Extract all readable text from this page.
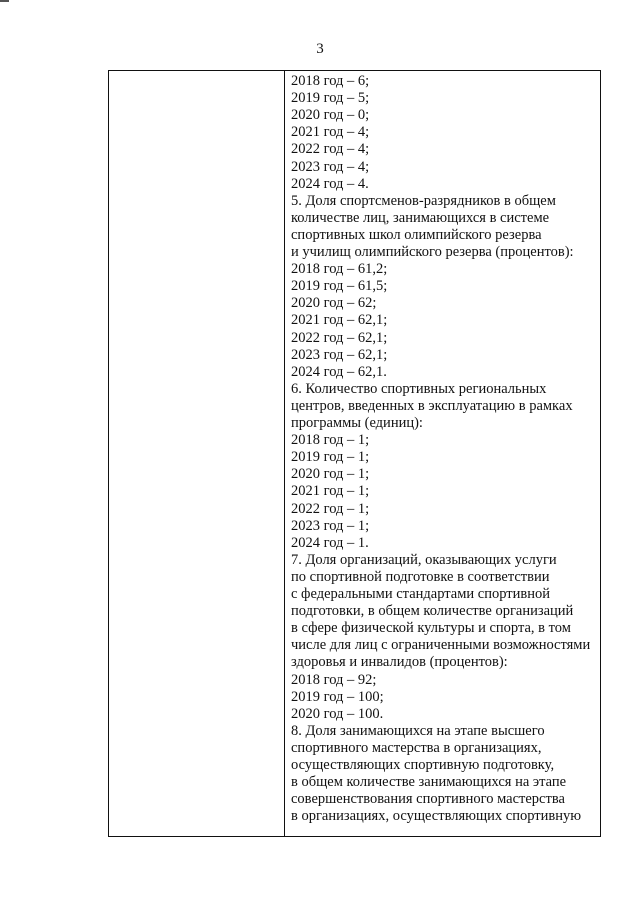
3
2018 год – 6;
2019 год – 5;
2020 год – 0;
2021 год – 4;
2022 год – 4;
2023 год – 4;
2024 год – 4.
5. Доля спортсменов-разрядников в общем
количестве лиц, занимающихся в системе
спортивных школ олимпийского резерва
и училищ олимпийского резерва (процентов):
2018 год – 61,2;
2019 год – 61,5;
2020 год – 62;
2021 год – 62,1;
2022 год – 62,1;
2023 год – 62,1;
2024 год – 62,1.
6. Количество спортивных региональных
центров, введенных в эксплуатацию в рамках
программы (единиц):
2018 год – 1;
2019 год – 1;
2020 год – 1;
2021 год – 1;
2022 год – 1;
2023 год – 1;
2024 год – 1.
7. Доля организаций, оказывающих услуги
по спортивной подготовке в соответствии
с федеральными стандартами спортивной
подготовки, в общем количестве организаций
в сфере физической культуры и спорта, в том
числе для лиц с ограниченными возможностями
здоровья и инвалидов (процентов):
2018 год – 92;
2019 год – 100;
2020 год – 100.
8. Доля занимающихся на этапе высшего
спортивного мастерства в организациях,
осуществляющих спортивную подготовку,
в общем количестве занимающихся на этапе
совершенствования спортивного мастерства
в организациях, осуществляющих спортивную
